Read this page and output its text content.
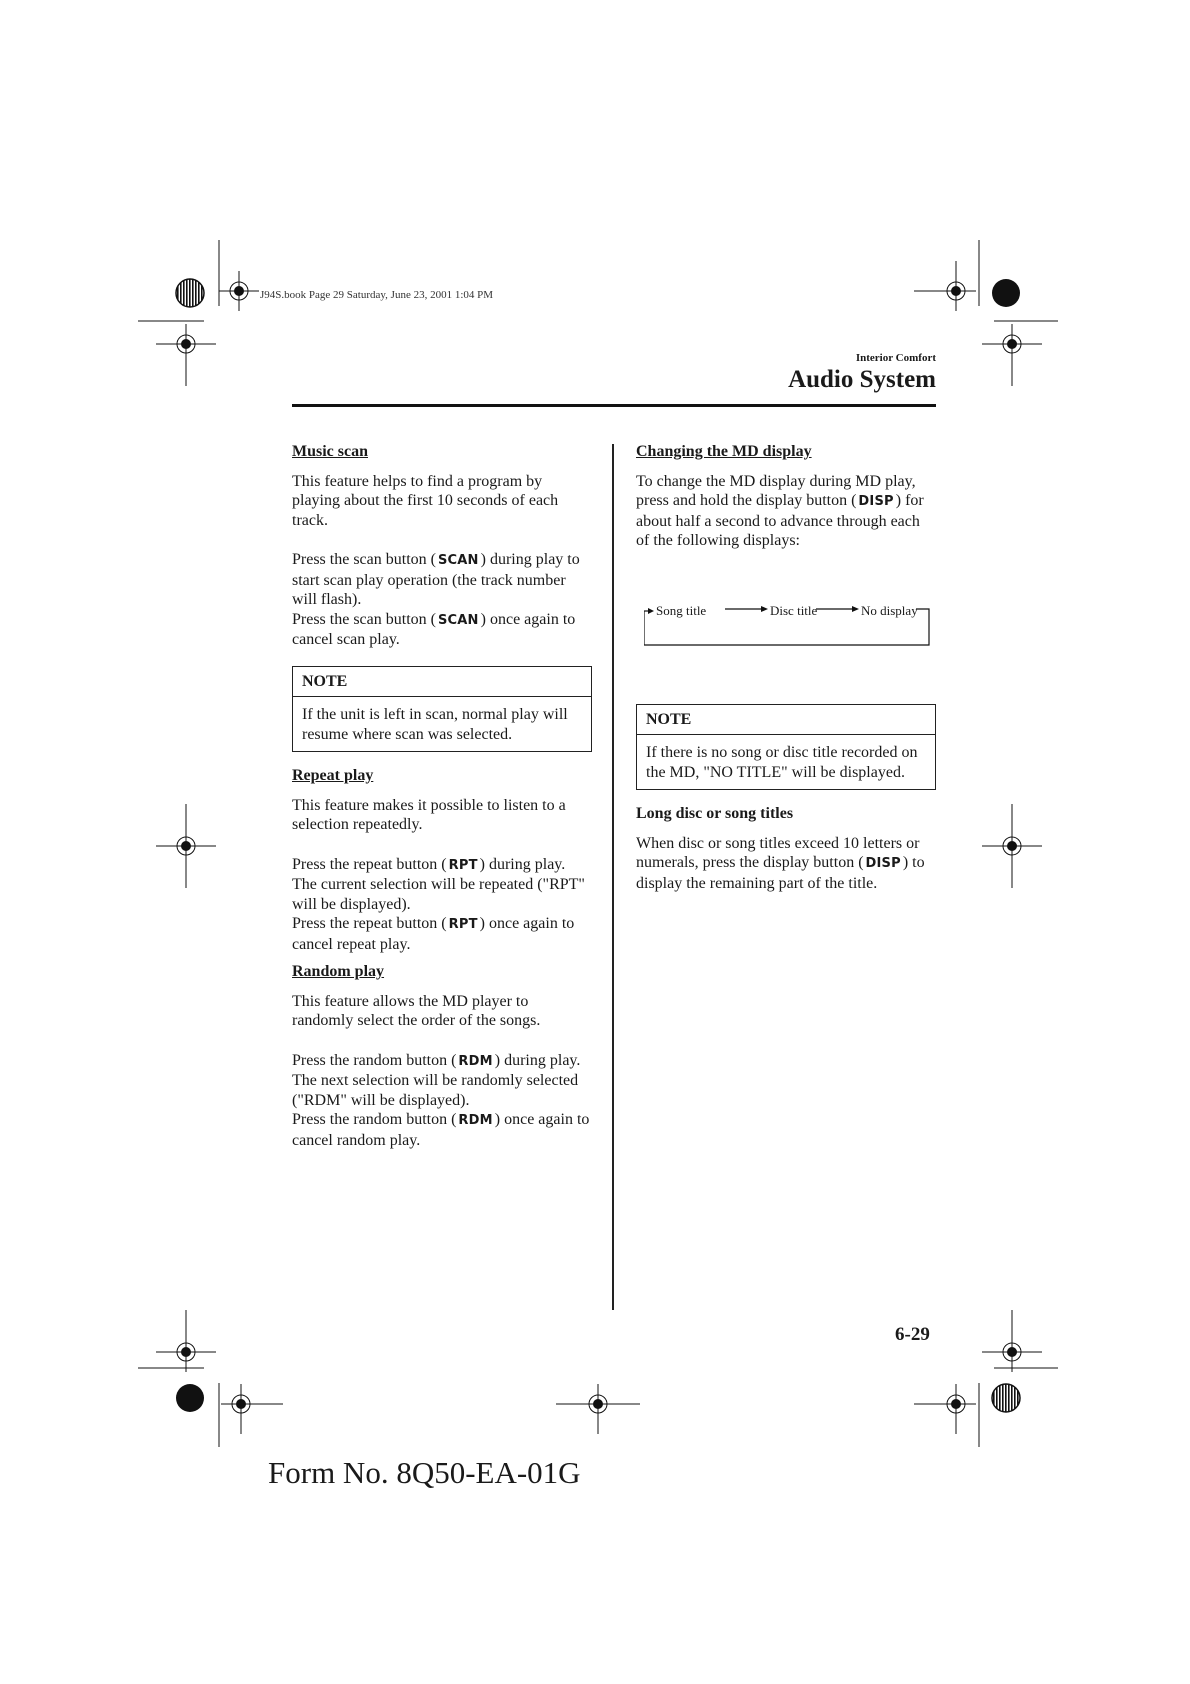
J94S.book Page 29 Saturday, June 23, 2001 1:04 PM
Interior Comfort
Audio System
Music scan

This feature helps to find a program by playing about the first 10 seconds of each track.

Press the scan button ( SCAN ) during play to start scan play operation (the track number will flash).

Press the scan button ( SCAN ) once again to cancel scan play.

NOTE
If the unit is left in scan, normal play will resume where scan was selected.
Repeat play

This feature makes it possible to listen to a selection repeatedly.

Press the repeat button ( RPT ) during play. The current selection will be repeated ("RPT" will be displayed).

Press the repeat button ( RPT ) once again to cancel repeat play.

Random play

This feature allows the MD player to randomly select the order of the songs.

Press the random button ( RDM ) during play. The next selection will be randomly selected ("RDM" will be displayed).

Press the random button ( RDM ) once again to cancel random play.

Changing the MD display

To change the MD display during MD play, press and hold the display button ( DISP ) for about half a second to advance through each of the following displays:

Song title	Disc title	No display
NOTE
If there is no song or disc title recorded on the MD, "NO TITLE" will be displayed.
Long disc or song titles

When disc or song titles exceed 10 letters or numerals, press the display button ( DISP ) to display the remaining part of the title.

6-29
Form No. 8Q50-EA-01G
